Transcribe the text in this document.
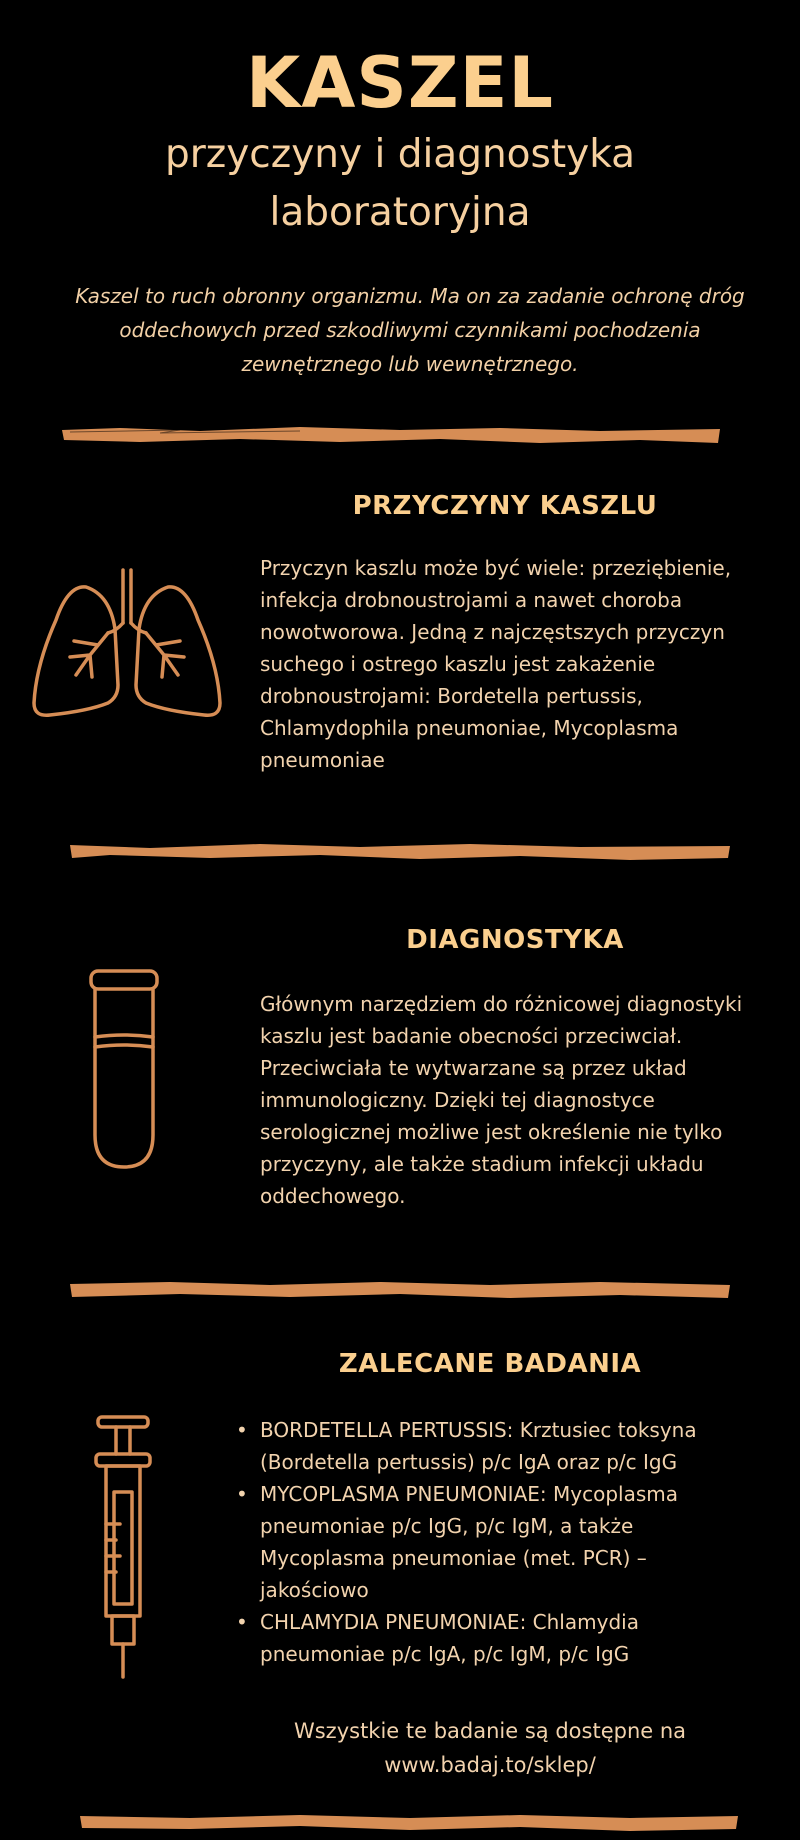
KASZEL
przyczyny i diagnostyka
laboratoryjna
Kaszel to ruch obronny organizmu. Ma on za zadanie ochronę dróg oddechowych przed szkodliwymi czynnikami pochodzenia zewnętrznego lub wewnętrznego.
PRZYCZYNY KASZLU
Przyczyn kaszlu może być wiele: przeziębienie, infekcja drobnoustrojami a nawet choroba nowotworowa. Jedną z najczęstszych przyczyn suchego i ostrego kaszlu jest zakażenie drobnoustrojami: Bordetella pertussis, Chlamydophila pneumoniae, Mycoplasma pneumoniae
DIAGNOSTYKA
Głównym narzędziem do różnicowej diagnostyki kaszlu jest badanie obecności przeciwciał. Przeciwciała te wytwarzane są przez układ immunologiczny. Dzięki tej diagnostyce serologicznej możliwe jest określenie nie tylko przyczyny, ale także stadium infekcji układu oddechowego.
ZALECANE BADANIA
• BORDETELLA PERTUSSIS: Krztusiec toksyna (Bordetella pertussis) p/c IgA oraz p/c IgG
• MYCOPLASMA PNEUMONIAE: Mycoplasma pneumoniae p/c IgG, p/c IgM, a także Mycoplasma pneumoniae (met. PCR) – jakościowo
• CHLAMYDIA PNEUMONIAE: Chlamydia pneumoniae p/c IgA, p/c IgM, p/c IgG
Wszystkie te badanie są dostępne na
www.badaj.to/sklep/
